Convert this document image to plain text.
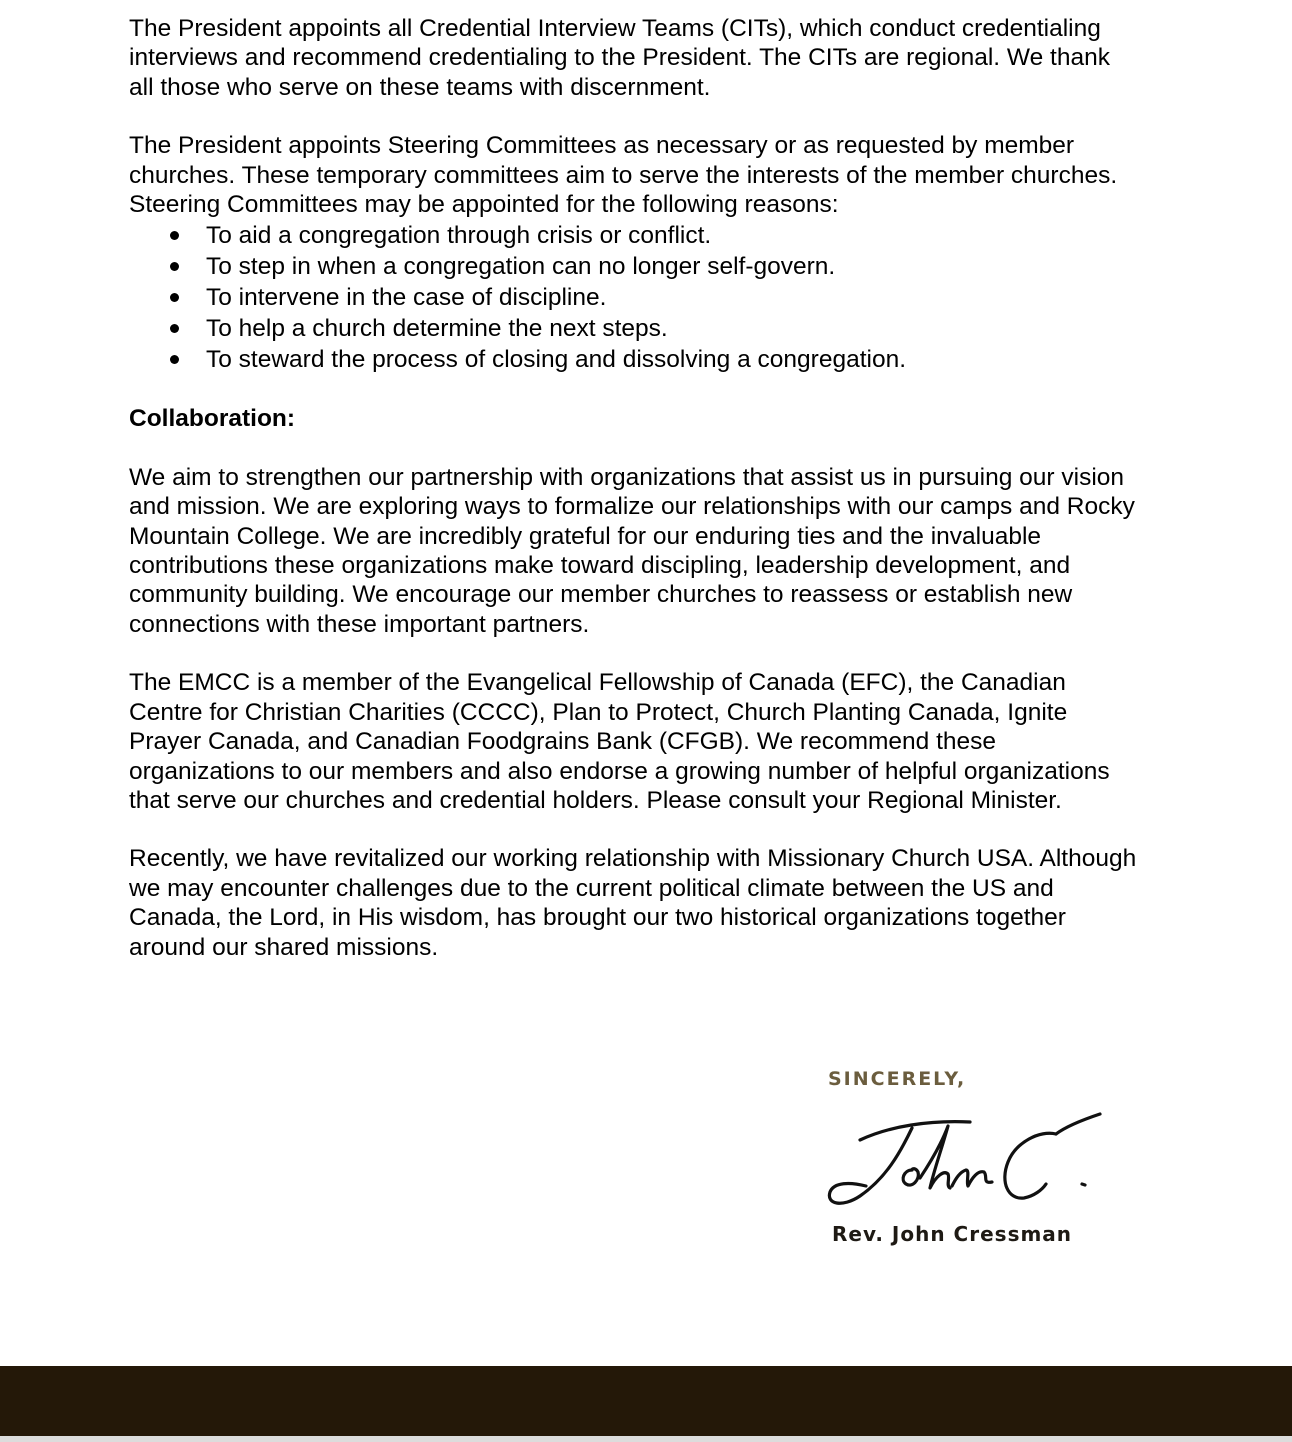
The President appoints all Credential Interview Teams (CITs), which conduct credentialing interviews and recommend credentialing to the President. The CITs are regional. We thank all those who serve on these teams with discernment.

The President appoints Steering Committees as necessary or as requested by member churches. These temporary committees aim to serve the interests of the member churches. Steering Committees may be appointed for the following reasons:

To aid a congregation through crisis or conflict.
To step in when a congregation can no longer self-govern.
To intervene in the case of discipline.
To help a church determine the next steps.
To steward the process of closing and dissolving a congregation.

Collaboration:

We aim to strengthen our partnership with organizations that assist us in pursuing our vision and mission. We are exploring ways to formalize our relationships with our camps and Rocky Mountain College. We are incredibly grateful for our enduring ties and the invaluable contributions these organizations make toward discipling, leadership development, and community building. We encourage our member churches to reassess or establish new connections with these important partners.

The EMCC is a member of the Evangelical Fellowship of Canada (EFC), the Canadian Centre for Christian Charities (CCCC), Plan to Protect, Church Planting Canada, Ignite Prayer Canada, and Canadian Foodgrains Bank (CFGB). We recommend these organizations to our members and also endorse a growing number of helpful organizations that serve our churches and credential holders. Please consult your Regional Minister.

Recently, we have revitalized our working relationship with Missionary Church USA. Although we may encounter challenges due to the current political climate between the US and Canada, the Lord, in His wisdom, has brought our two historical organizations together around our shared missions.

SINCERELY,
John C.
Rev. John Cressman
